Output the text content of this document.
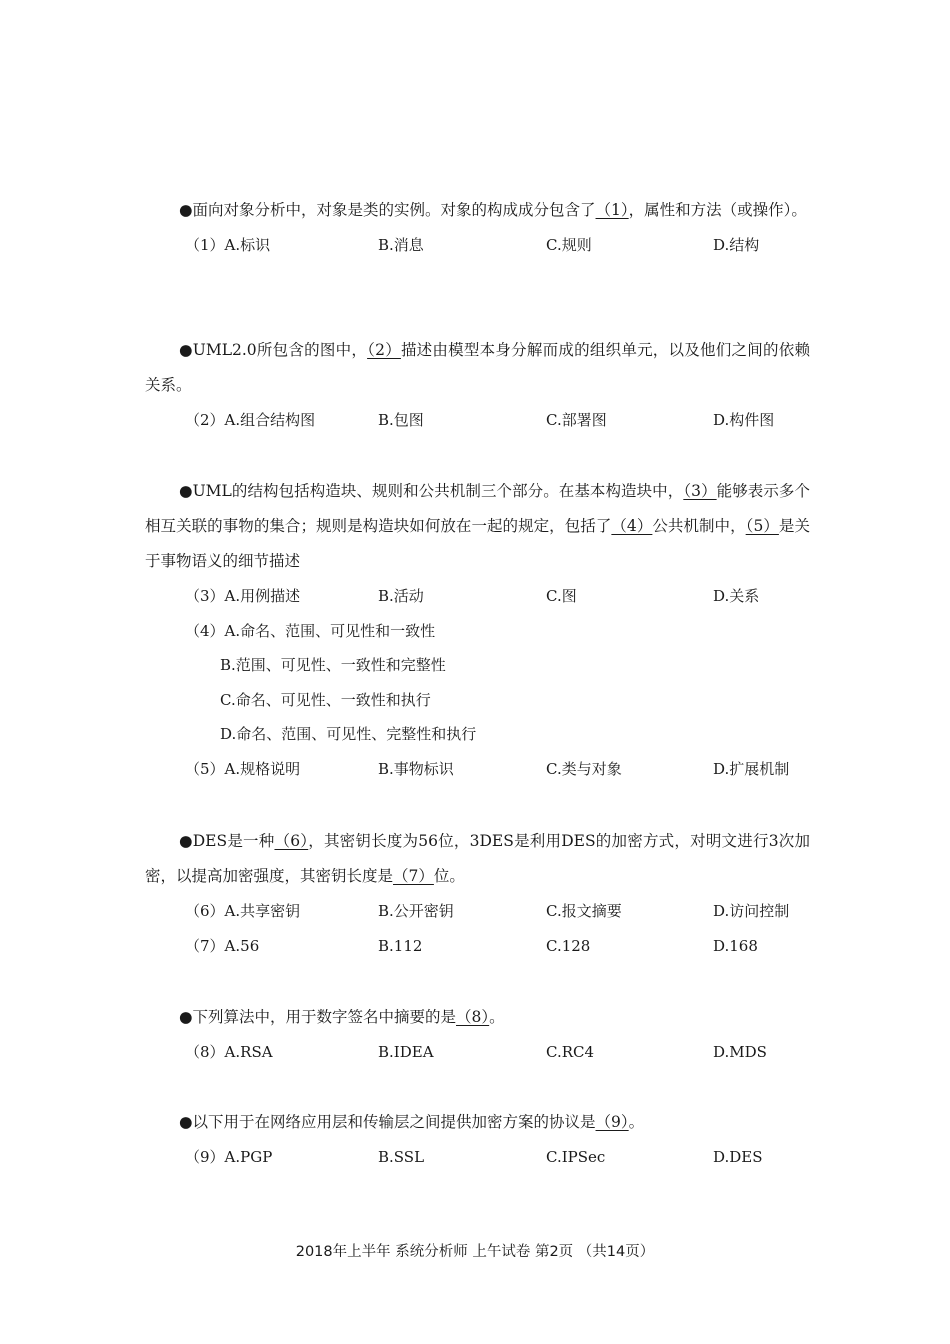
●面向对象分析中，对象是类的实例。对象的构成成分包含了（1），属性和方法（或操作）。

（1）A.标识	B.消息	C.规则	D.结构

●UML2.0所包含的图中，（2）描述由模型本身分解而成的组织单元，以及他们之间的依赖关系。

（2）A.组合结构图	B.包图	C.部署图	D.构件图

●UML的结构包括构造块、规则和公共机制三个部分。在基本构造块中，（3）能够表示多个相互关联的事物的集合；规则是构造块如何放在一起的规定，包括了（4）公共机制中，（5）是关于事物语义的细节描述

（3）A.用例描述	B.活动	C.图	D.关系
（4）A.命名、范围、可见性和一致性
B.范围、可见性、一致性和完整性
C.命名、可见性、一致性和执行
D.命名、范围、可见性、完整性和执行
（5）A.规格说明	B.事物标识	C.类与对象	D.扩展机制

●DES是一种（6），其密钥长度为56位，3DES是利用DES的加密方式，对明文进行3次加密，以提高加密强度，其密钥长度是（7）位。

（6）A.共享密钥	B.公开密钥	C.报文摘要	D.访问控制
（7）A.56	B.112	C.128	D.168

●下列算法中，用于数字签名中摘要的是（8）。

（8）A.RSA	B.IDEA	C.RC4	D.MDS

●以下用于在网络应用层和传输层之间提供加密方案的协议是（9）。

（9）A.PGP	B.SSL	C.IPSec	D.DES
2018年上半年 系统分析师 上午试卷 第2页 （共14页）
